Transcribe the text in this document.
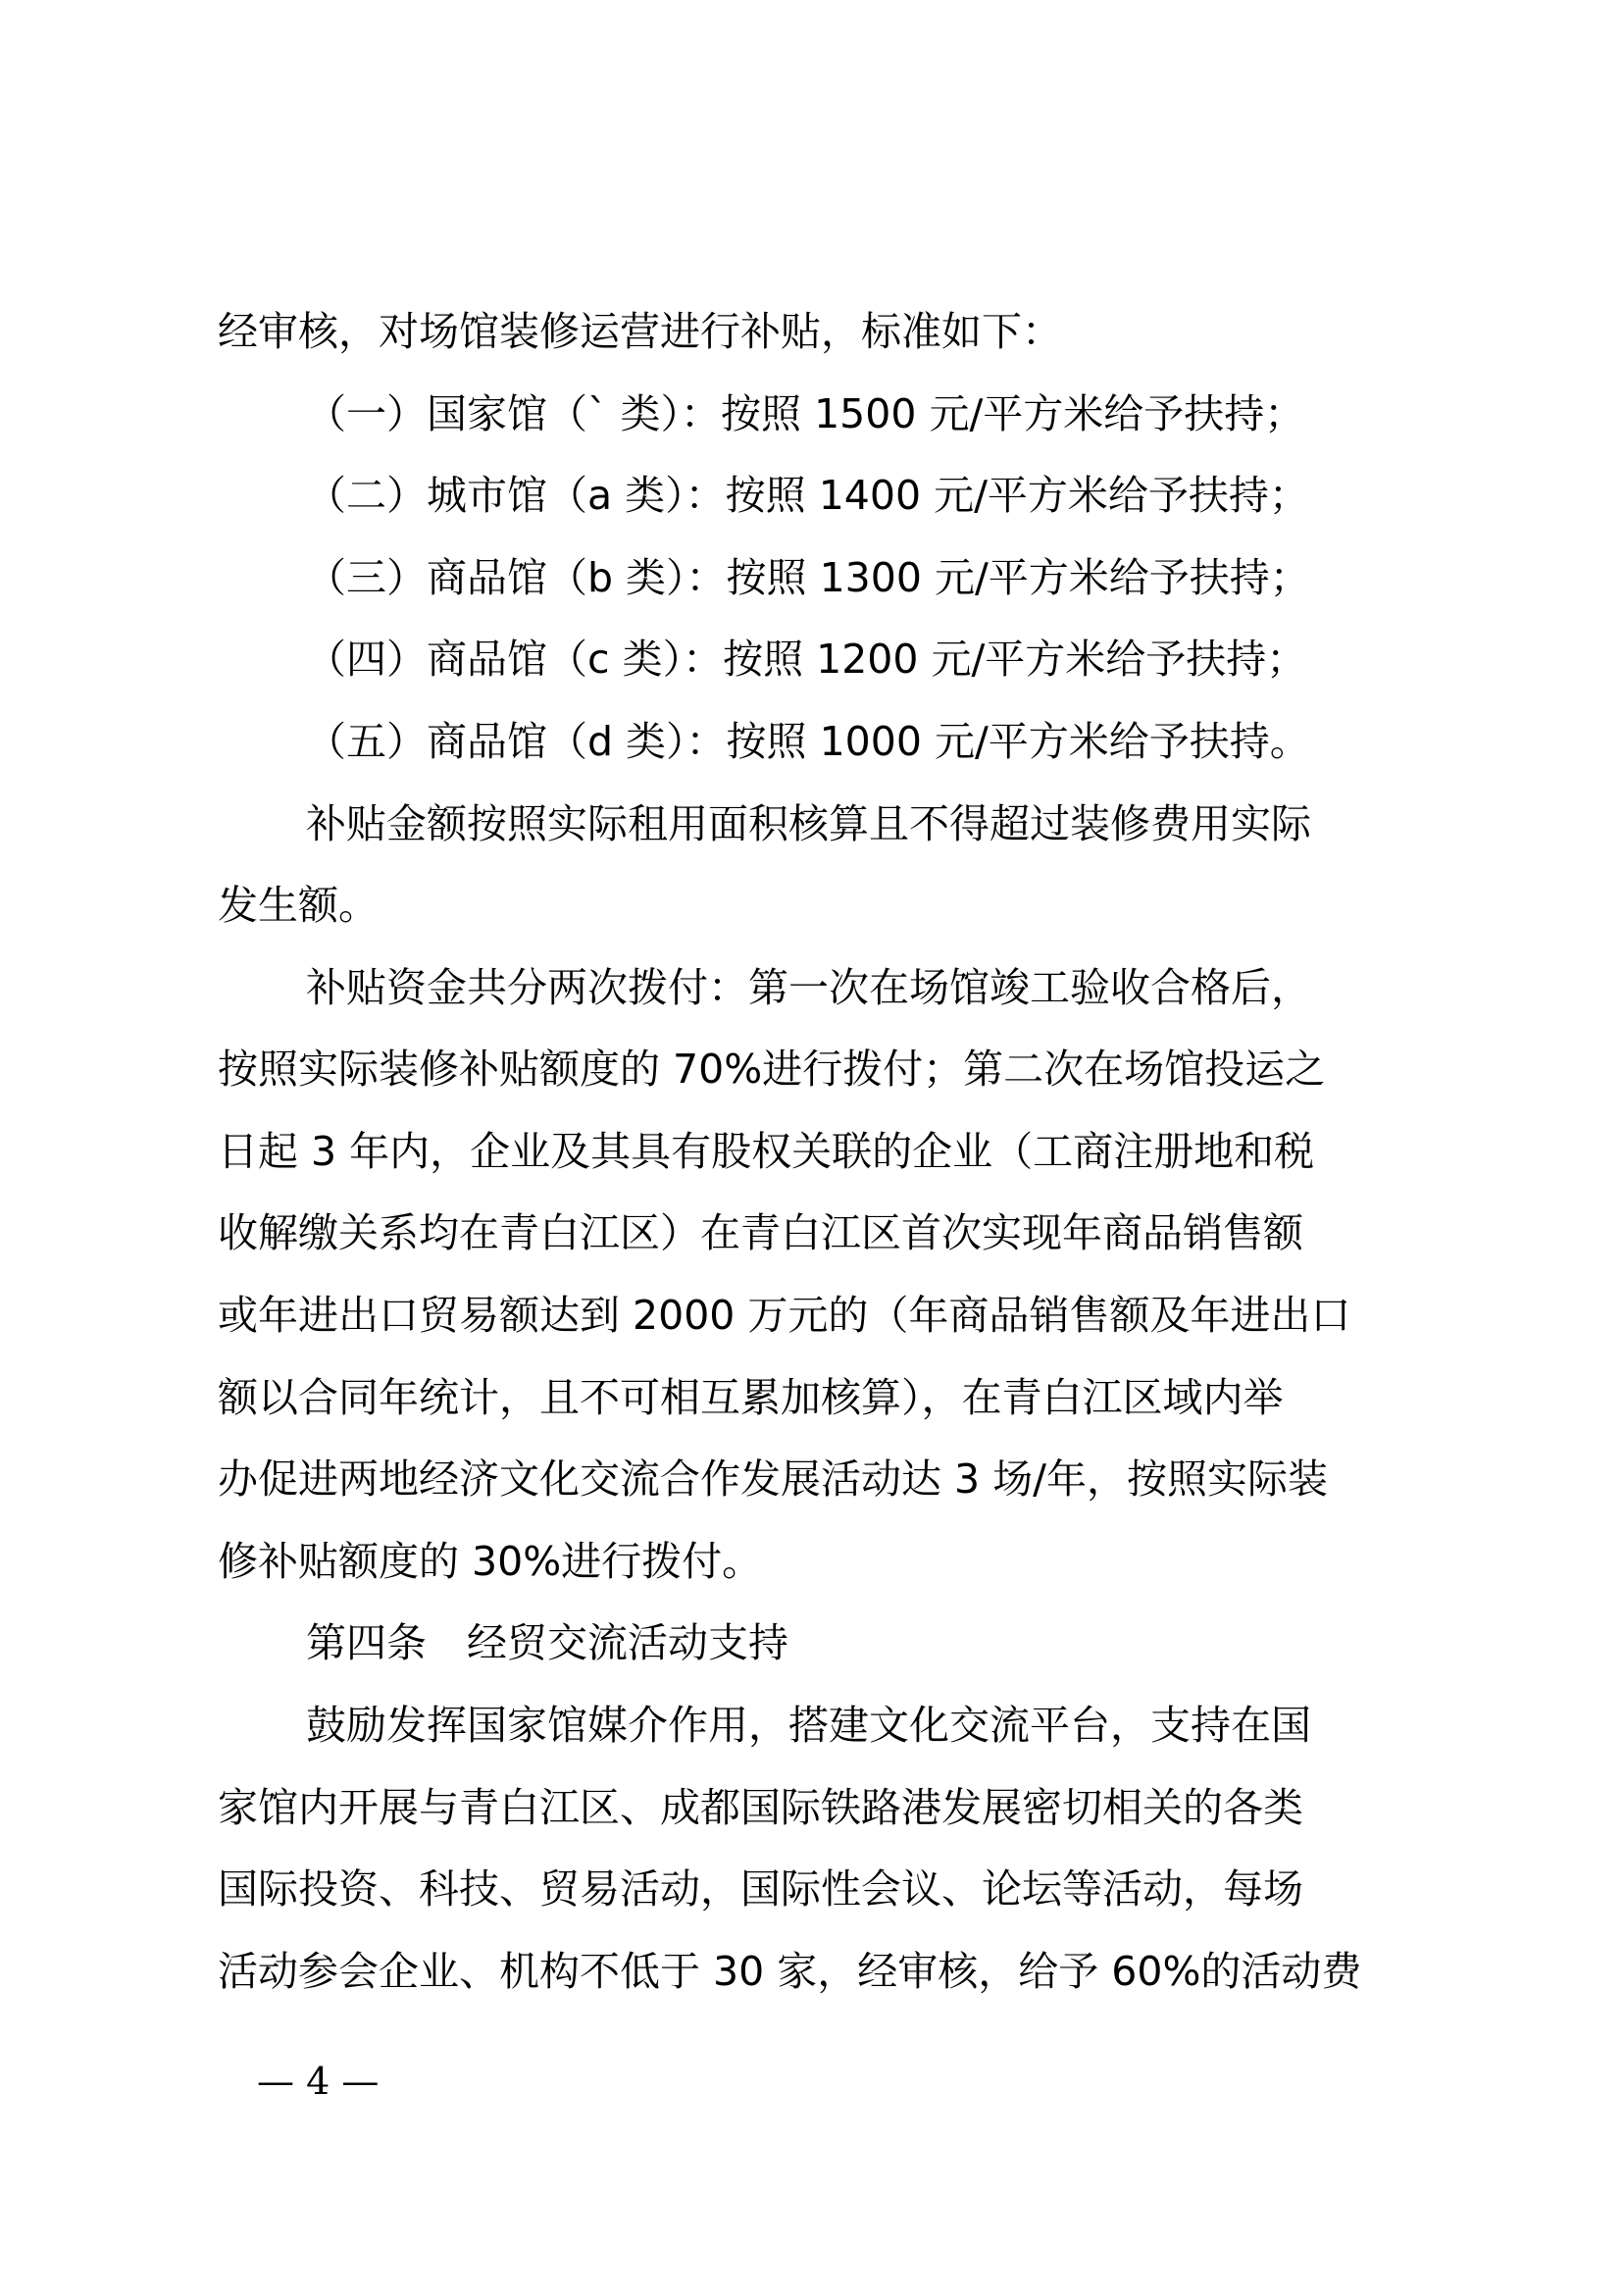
经审核，对场馆装修运营进行补贴，标准如下：
（一）国家馆（` 类）：按照 1500 元/平方米给予扶持；
（二）城市馆（a 类）：按照 1400 元/平方米给予扶持；
（三）商品馆（b 类）：按照 1300 元/平方米给予扶持；
（四）商品馆（c 类）：按照 1200 元/平方米给予扶持；
（五）商品馆（d 类）：按照 1000 元/平方米给予扶持。
补贴金额按照实际租用面积核算且不得超过装修费用实际
发生额。
补贴资金共分两次拨付：第一次在场馆竣工验收合格后，
按照实际装修补贴额度的 70%进行拨付；第二次在场馆投运之
日起 3 年内，企业及其具有股权关联的企业（工商注册地和税
收解缴关系均在青白江区）在青白江区首次实现年商品销售额
或年进出口贸易额达到 2000 万元的（年商品销售额及年进出口
额以合同年统计，且不可相互累加核算），在青白江区域内举
办促进两地经济文化交流合作发展活动达 3 场/年，按照实际装
修补贴额度的 30%进行拨付。
第四条　经贸交流活动支持
鼓励发挥国家馆媒介作用，搭建文化交流平台，支持在国
家馆内开展与青白江区、成都国际铁路港发展密切相关的各类
国际投资、科技、贸易活动，国际性会议、论坛等活动，每场
活动参会企业、机构不低于 30 家，经审核，给予 60%的活动费
— 4 —
